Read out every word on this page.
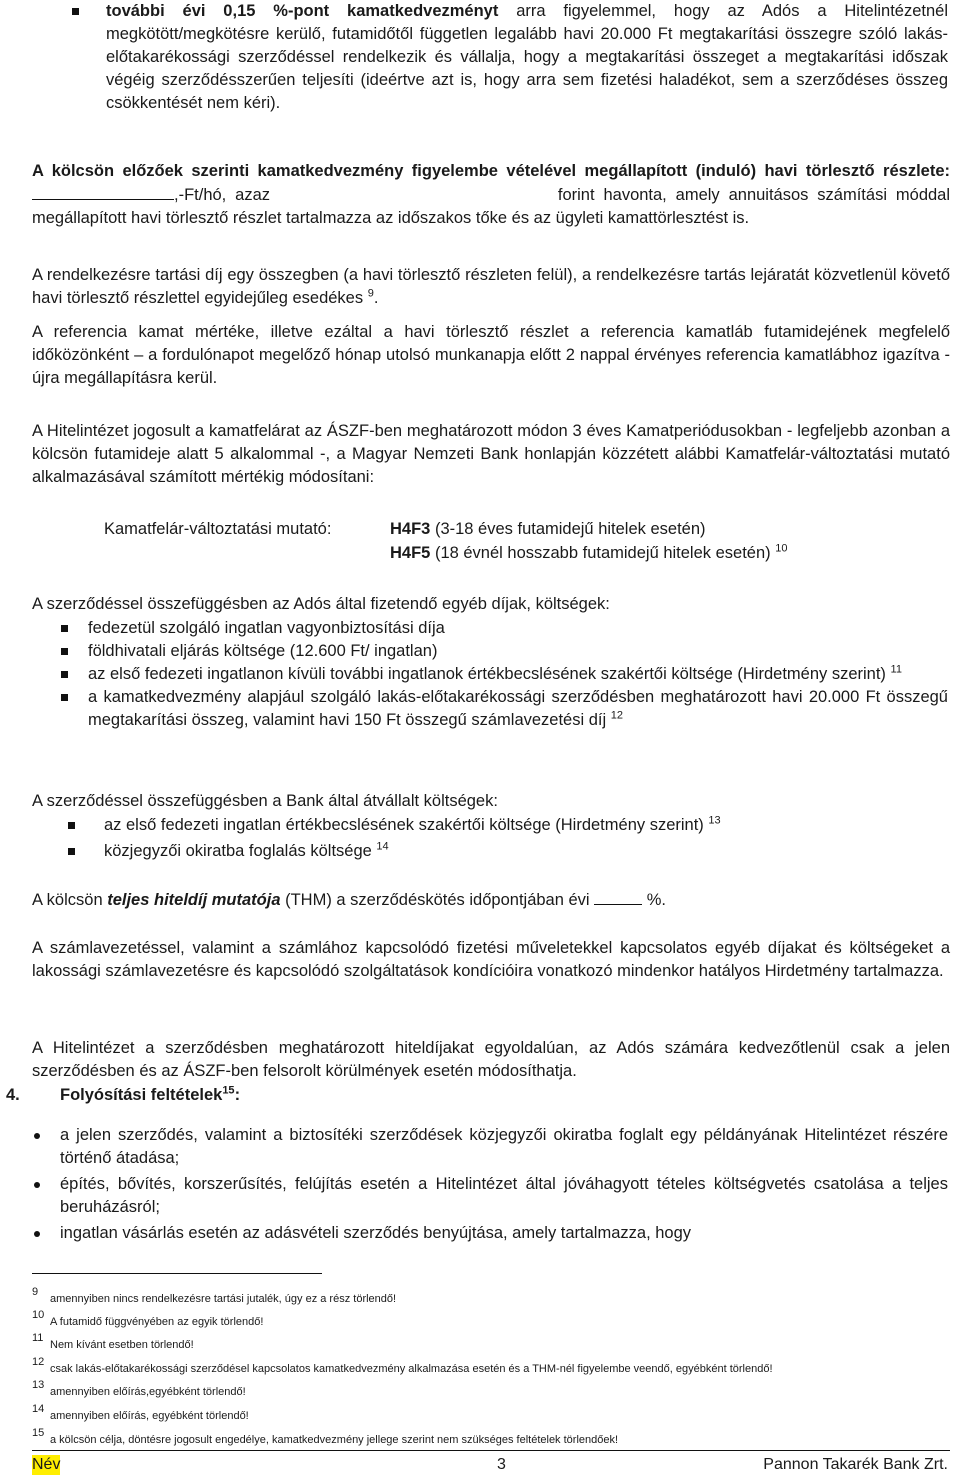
további évi 0,15 %-pont kamatkedvezményt arra figyelemmel, hogy az Adós a Hitelintézetnél megkötött/megkötésre kerülő, futamidőtől független legalább havi 20.000 Ft megtakarítási összegre szóló lakás-előtakarékossági szerződéssel rendelkezik és vállalja, hogy a megtakarítási összeget a megtakarítási időszak végéig szerződésszerűen teljesíti (ideértve azt is, hogy arra sem fizetési haladékot, sem a szerződéses összeg csökkentését nem kéri).

A kölcsön előzőek szerinti kamatkedvezmény figyelembe vételével megállapított (induló) havi törlesztő részlete: ,-Ft/hó, azaz	forint havonta, amely annuitásos számítási móddal megállapított havi törlesztő részlet tartalmazza az időszakos tőke és az ügyleti kamattörlesztést is.

A rendelkezésre tartási díj egy összegben (a havi törlesztő részleten felül), a rendelkezésre tartás lejáratát közvetlenül követő havi törlesztő részlettel egyidejűleg esedékes $^9$.

A referencia kamat mértéke, illetve ezáltal a havi törlesztő részlet a referencia kamatláb futamidejének megfelelő időközönként – a fordulónapot megelőző hónap utolsó munkanapja előtt 2 nappal érvényes referencia kamatlábhoz igazítva - újra megállapításra kerül.

A Hitelintézet jogosult a kamatfelárat az ÁSZF-ben meghatározott módon 3 éves Kamatperiódusokban - legfeljebb azonban a kölcsön futamideje alatt 5 alkalommal -, a Magyar Nemzeti Bank honlapján közzétett alábbi Kamatfelár-változtatási mutató alkalmazásával számított mértékig módosítani:

Kamatfelár-változtatási mutató:	H4F3 (3-18 éves futamidejű hitelek esetén)
H4F5 (18 évnél hosszabb futamidejű hitelek esetén) $^{10}$

A szerződéssel összefüggésben az Adós által fizetendő egyéb díjak, költségek:

fedezetül szolgáló ingatlan vagyonbiztosítási díja
földhivatali eljárás költsége (12.600 Ft/ ingatlan)
az első fedezeti ingatlanon kívüli további ingatlanok értékbecslésének szakértői költsége (Hirdetmény szerint) $^{11}$
a kamatkedvezmény alapjául szolgáló lakás-előtakarékossági szerződésben meghatározott havi 20.000 Ft összegű megtakarítási összeg, valamint havi 150 Ft összegű számlavezetési díj $^{12}$

A szerződéssel összefüggésben a Bank által átvállalt költségek:

az első fedezeti ingatlan értékbecslésének szakértői költsége (Hirdetmény szerint) $^{13}$
közjegyzői okiratba foglalás költsége $^{14}$

A kölcsön teljes hiteldíj mutatója (THM) a szerződéskötés időpontjában évi	%.

A számlavezetéssel, valamint a számlához kapcsolódó fizetési műveletekkel kapcsolatos egyéb díjakat és költségeket a lakossági számlavezetésre és kapcsolódó szolgáltatások kondícióira vonatkozó mindenkor hatályos Hirdetmény tartalmazza.

A Hitelintézet a szerződésben meghatározott hiteldíjakat egyoldalúan, az Adós számára kedvezőtlenül csak a jelen szerződésben és az ÁSZF-ben felsorolt körülmények esetén módosíthatja.

4. Folyósítási feltételek$^{15}$:
a jelen szerződés, valamint a biztosítéki szerződések közjegyzői okiratba foglalt egy példányának Hitelintézet részére történő átadása;
építés, bővítés, korszerűsítés, felújítás esetén a Hitelintézet által jóváhagyott tételes költségvetés csatolása a teljes beruházásról;
ingatlan vásárlás esetén az adásvételi szerződés benyújtása, amely tartalmazza, hogy
9
amennyiben nincs rendelkezésre tartási jutalék, úgy ez a rész törlendő!
10
A futamidő függvényében az egyik törlendő!
11
Nem kívánt esetben törlendő!
12
csak lakás-előtakarékossági szerződésel kapcsolatos kamatkedvezmény alkalmazása esetén és a THM-nél figyelembe veendő, egyébként törlendő!
13
amennyiben előírás,egyébként törlendő!
14
amennyiben előírás, egyébként törlendő!
15
a kölcsön célja, döntésre jogosult engedélye, kamatkedvezmény jellege szerint nem szükséges feltételek törlendőek!
Név	3	Pannon Takarék Bank Zrt.
